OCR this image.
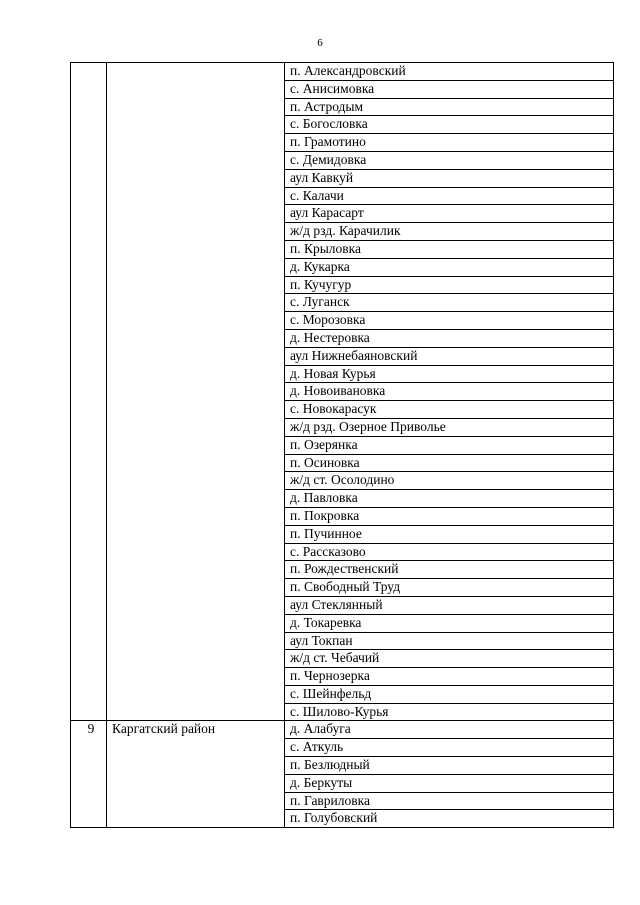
6
		п. Александровский
		с. Анисимовка
		п. Астродым
		с. Богословка
		п. Грамотино
		с. Демидовка
		аул Кавкуй
		с. Калачи
		аул Карасарт
		ж/д рзд. Карачилик
		п. Крыловка
		д. Кукарка
		п. Кучугур
		с. Луганск
		с. Морозовка
		д. Нестеровка
		аул Нижнебаяновский
		д. Новая Курья
		д. Новоивановка
		с. Новокарасук
		ж/д рзд. Озерное Приволье
		п. Озерянка
		п. Осиновка
		ж/д ст. Осолодино
		д. Павловка
		п. Покровка
		п. Пучинное
		с. Рассказово
		п. Рождественский
		п. Свободный Труд
		аул Стеклянный
		д. Токаревка
		аул Токпан
		ж/д ст. Чебачий
		п. Чернозерка
		с. Шейнфельд
		с. Шилово-Курья
9	Каргатский район	д. Алабуга
		с. Аткуль
		п. Безлюдный
		д. Беркуты
		п. Гавриловка
		п. Голубовский
